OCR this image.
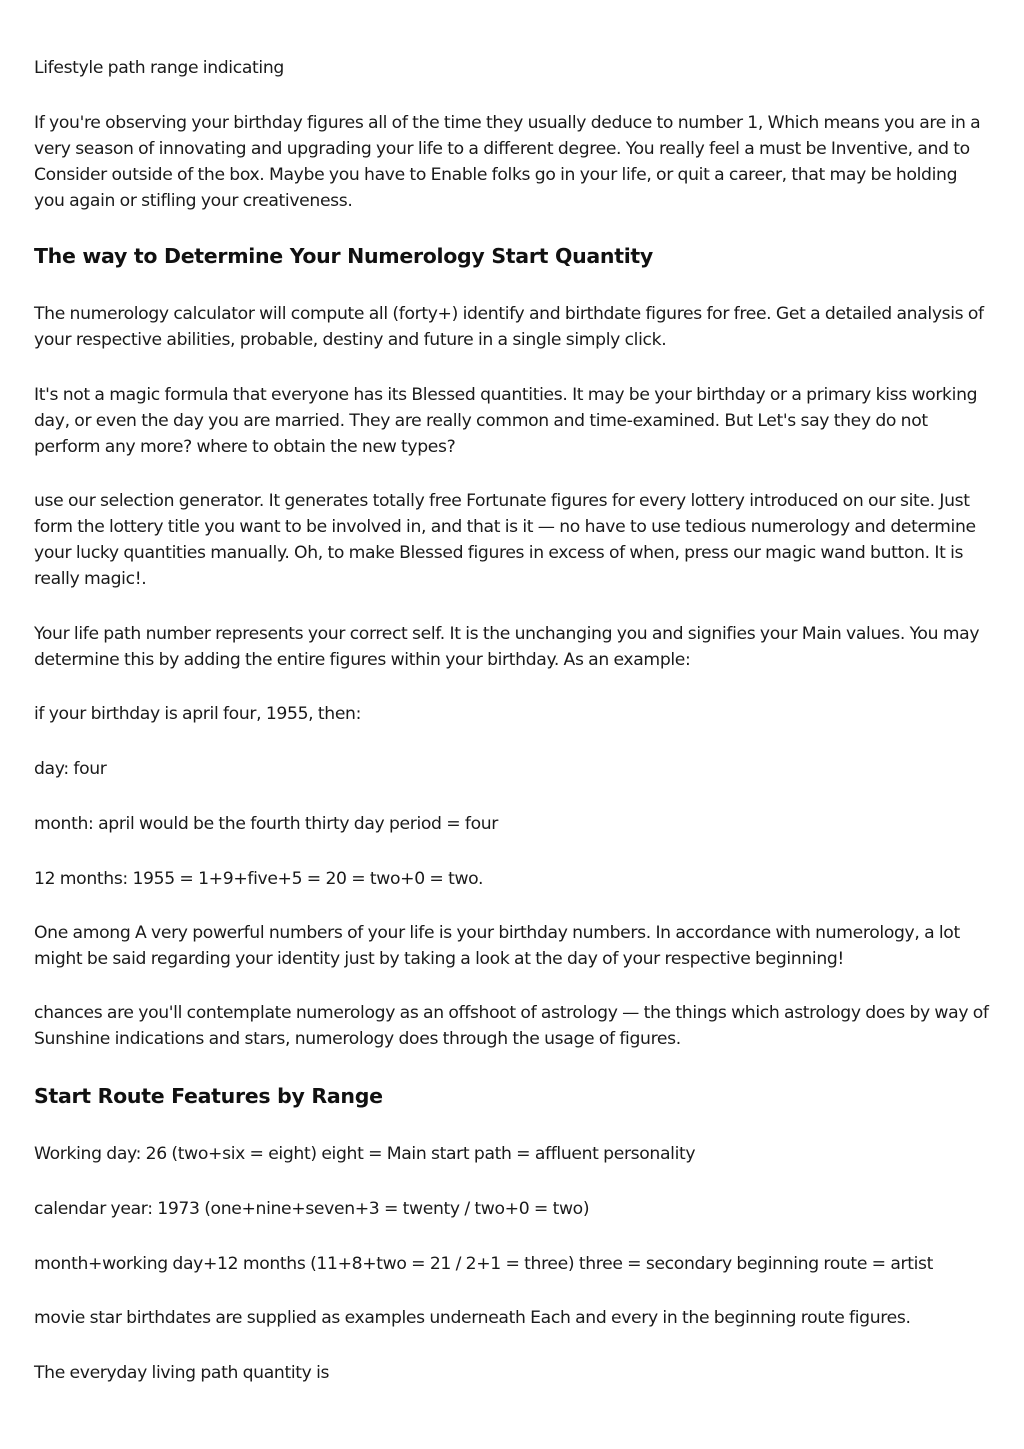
Lifestyle path range indicating

If you're observing your birthday figures all of the time they usually deduce to number 1, Which means you are in a very season of innovating and upgrading your life to a different degree. You really feel a must be Inventive, and to Consider outside of the box. Maybe you have to Enable folks go in your life, or quit a career, that may be holding you again or stifling your creativeness.

The way to Determine Your Numerology Start Quantity

The numerology calculator will compute all (forty+) identify and birthdate figures for free. Get a detailed analysis of your respective abilities, probable, destiny and future in a single simply click.

It's not a magic formula that everyone has its Blessed quantities. It may be your birthday or a primary kiss working day, or even the day you are married. They are really common and time-examined. But Let's say they do not perform any more? where to obtain the new types?

use our selection generator. It generates totally free Fortunate figures for every lottery introduced on our site. Just form the lottery title you want to be involved in, and that is it — no have to use tedious numerology and determine your lucky quantities manually. Oh, to make Blessed figures in excess of when, press our magic wand button. It is really magic!.

Your life path number represents your correct self. It is the unchanging you and signifies your Main values. You may determine this by adding the entire figures within your birthday. As an example:

if your birthday is april four, 1955, then:

day: four

month: april would be the fourth thirty day period = four

12 months: 1955 = 1+9+five+5 = 20 = two+0 = two.

One among A very powerful numbers of your life is your birthday numbers. In accordance with numerology, a lot might be said regarding your identity just by taking a look at the day of your respective beginning!

chances are you'll contemplate numerology as an offshoot of astrology — the things which astrology does by way of Sunshine indications and stars, numerology does through the usage of figures.

Start Route Features by Range

Working day: 26 (two+six = eight) eight = Main start path = affluent personality

calendar year: 1973 (one+nine+seven+3 = twenty / two+0 = two)

month+working day+12 months (11+8+two = 21 / 2+1 = three) three = secondary beginning route = artist

movie star birthdates are supplied as examples underneath Each and every in the beginning route figures.

The everyday living path quantity is
